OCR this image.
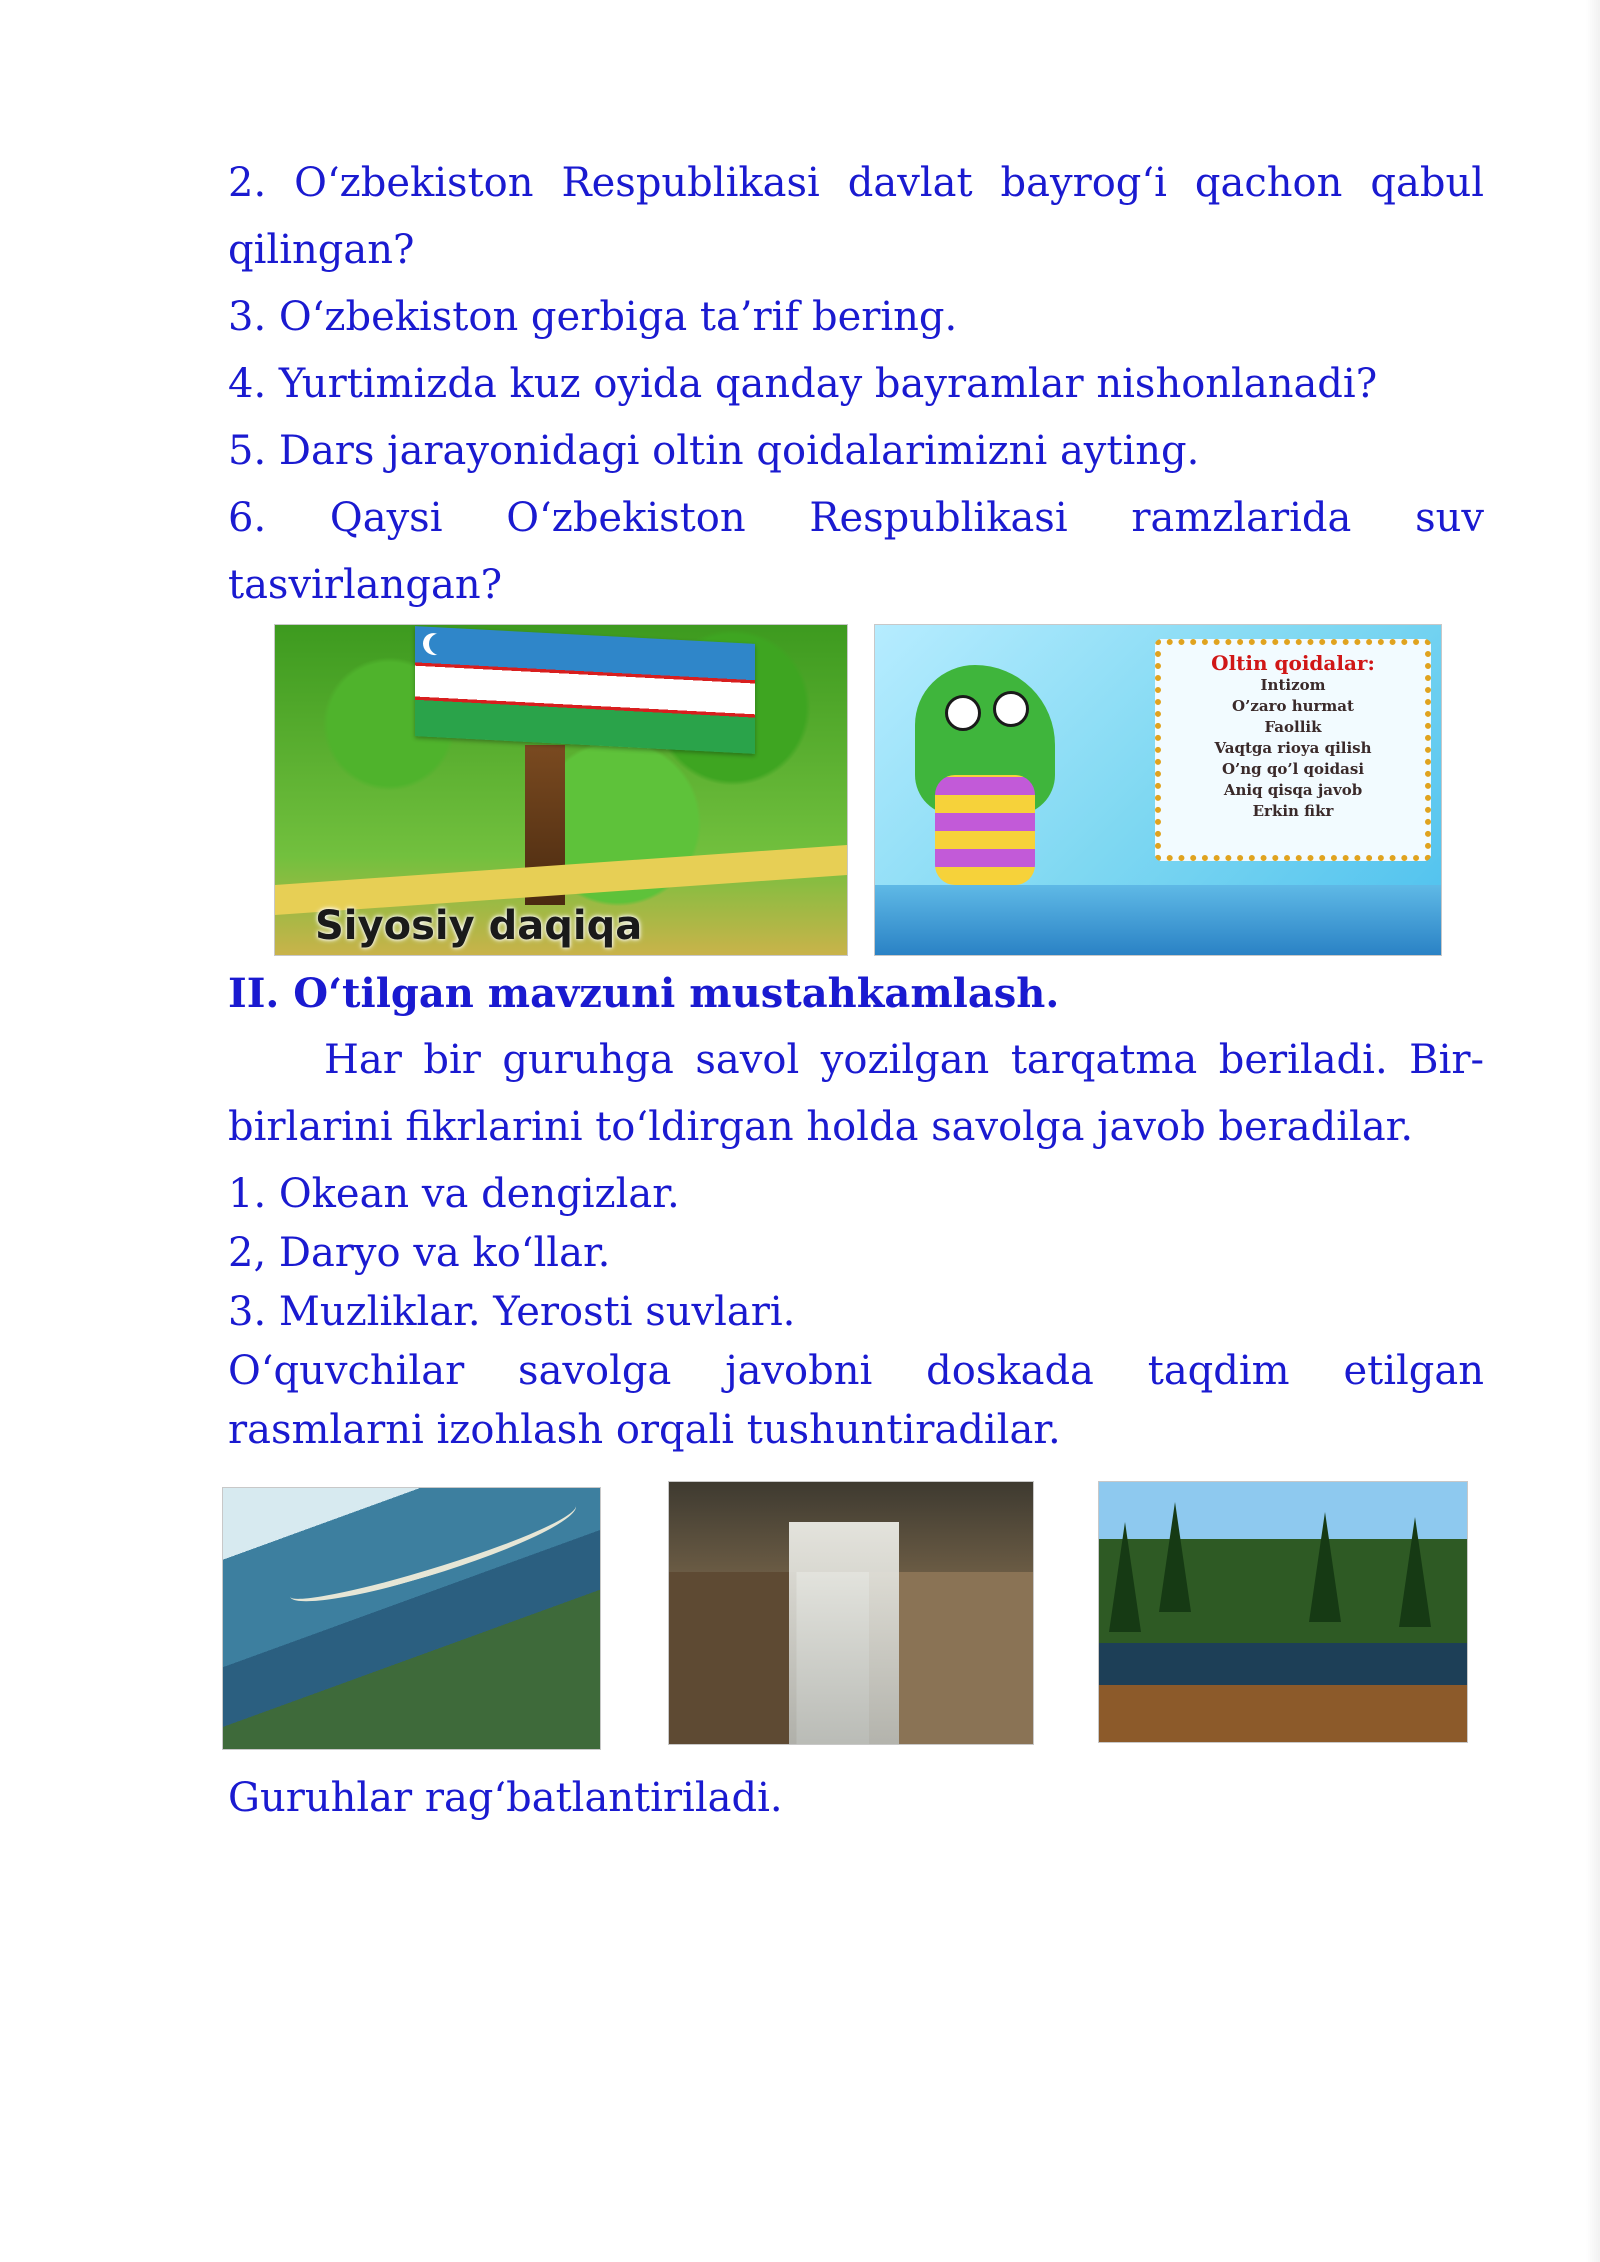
2. O‘zbekiston Respublikasi davlat bayrog‘i qachon qabul
qilingan?
3. O‘zbekiston gerbiga ta’rif bering.
4. Yurtimizda kuz oyida qanday bayramlar nishonlanadi?
5. Dars jarayonidagi oltin qoidalarimizni ayting.
6. Qaysi O‘zbekiston Respublikasi ramzlarida suv
tasvirlangan?
Siyosiy daqiqa
Oltin qoidalar:
Intizom
O’zaro hurmat
Faollik
Vaqtga rioya qilish
O’ng qo’l qoidasi
Aniq qisqa javob
Erkin fikr
II. O‘tilgan mavzuni mustahkamlash.
Har bir guruhga savol yozilgan tarqatma beriladi. Bir-
birlarini fikrlarini to‘ldirgan holda savolga javob beradilar.
1. Okean va dengizlar.
2, Daryo va ko‘llar.
3. Muzliklar. Yerosti suvlari.
O‘quvchilar savolga javobni doskada taqdim etilgan
rasmlarni izohlash orqali tushuntiradilar.
Guruhlar rag‘batlantiriladi.
